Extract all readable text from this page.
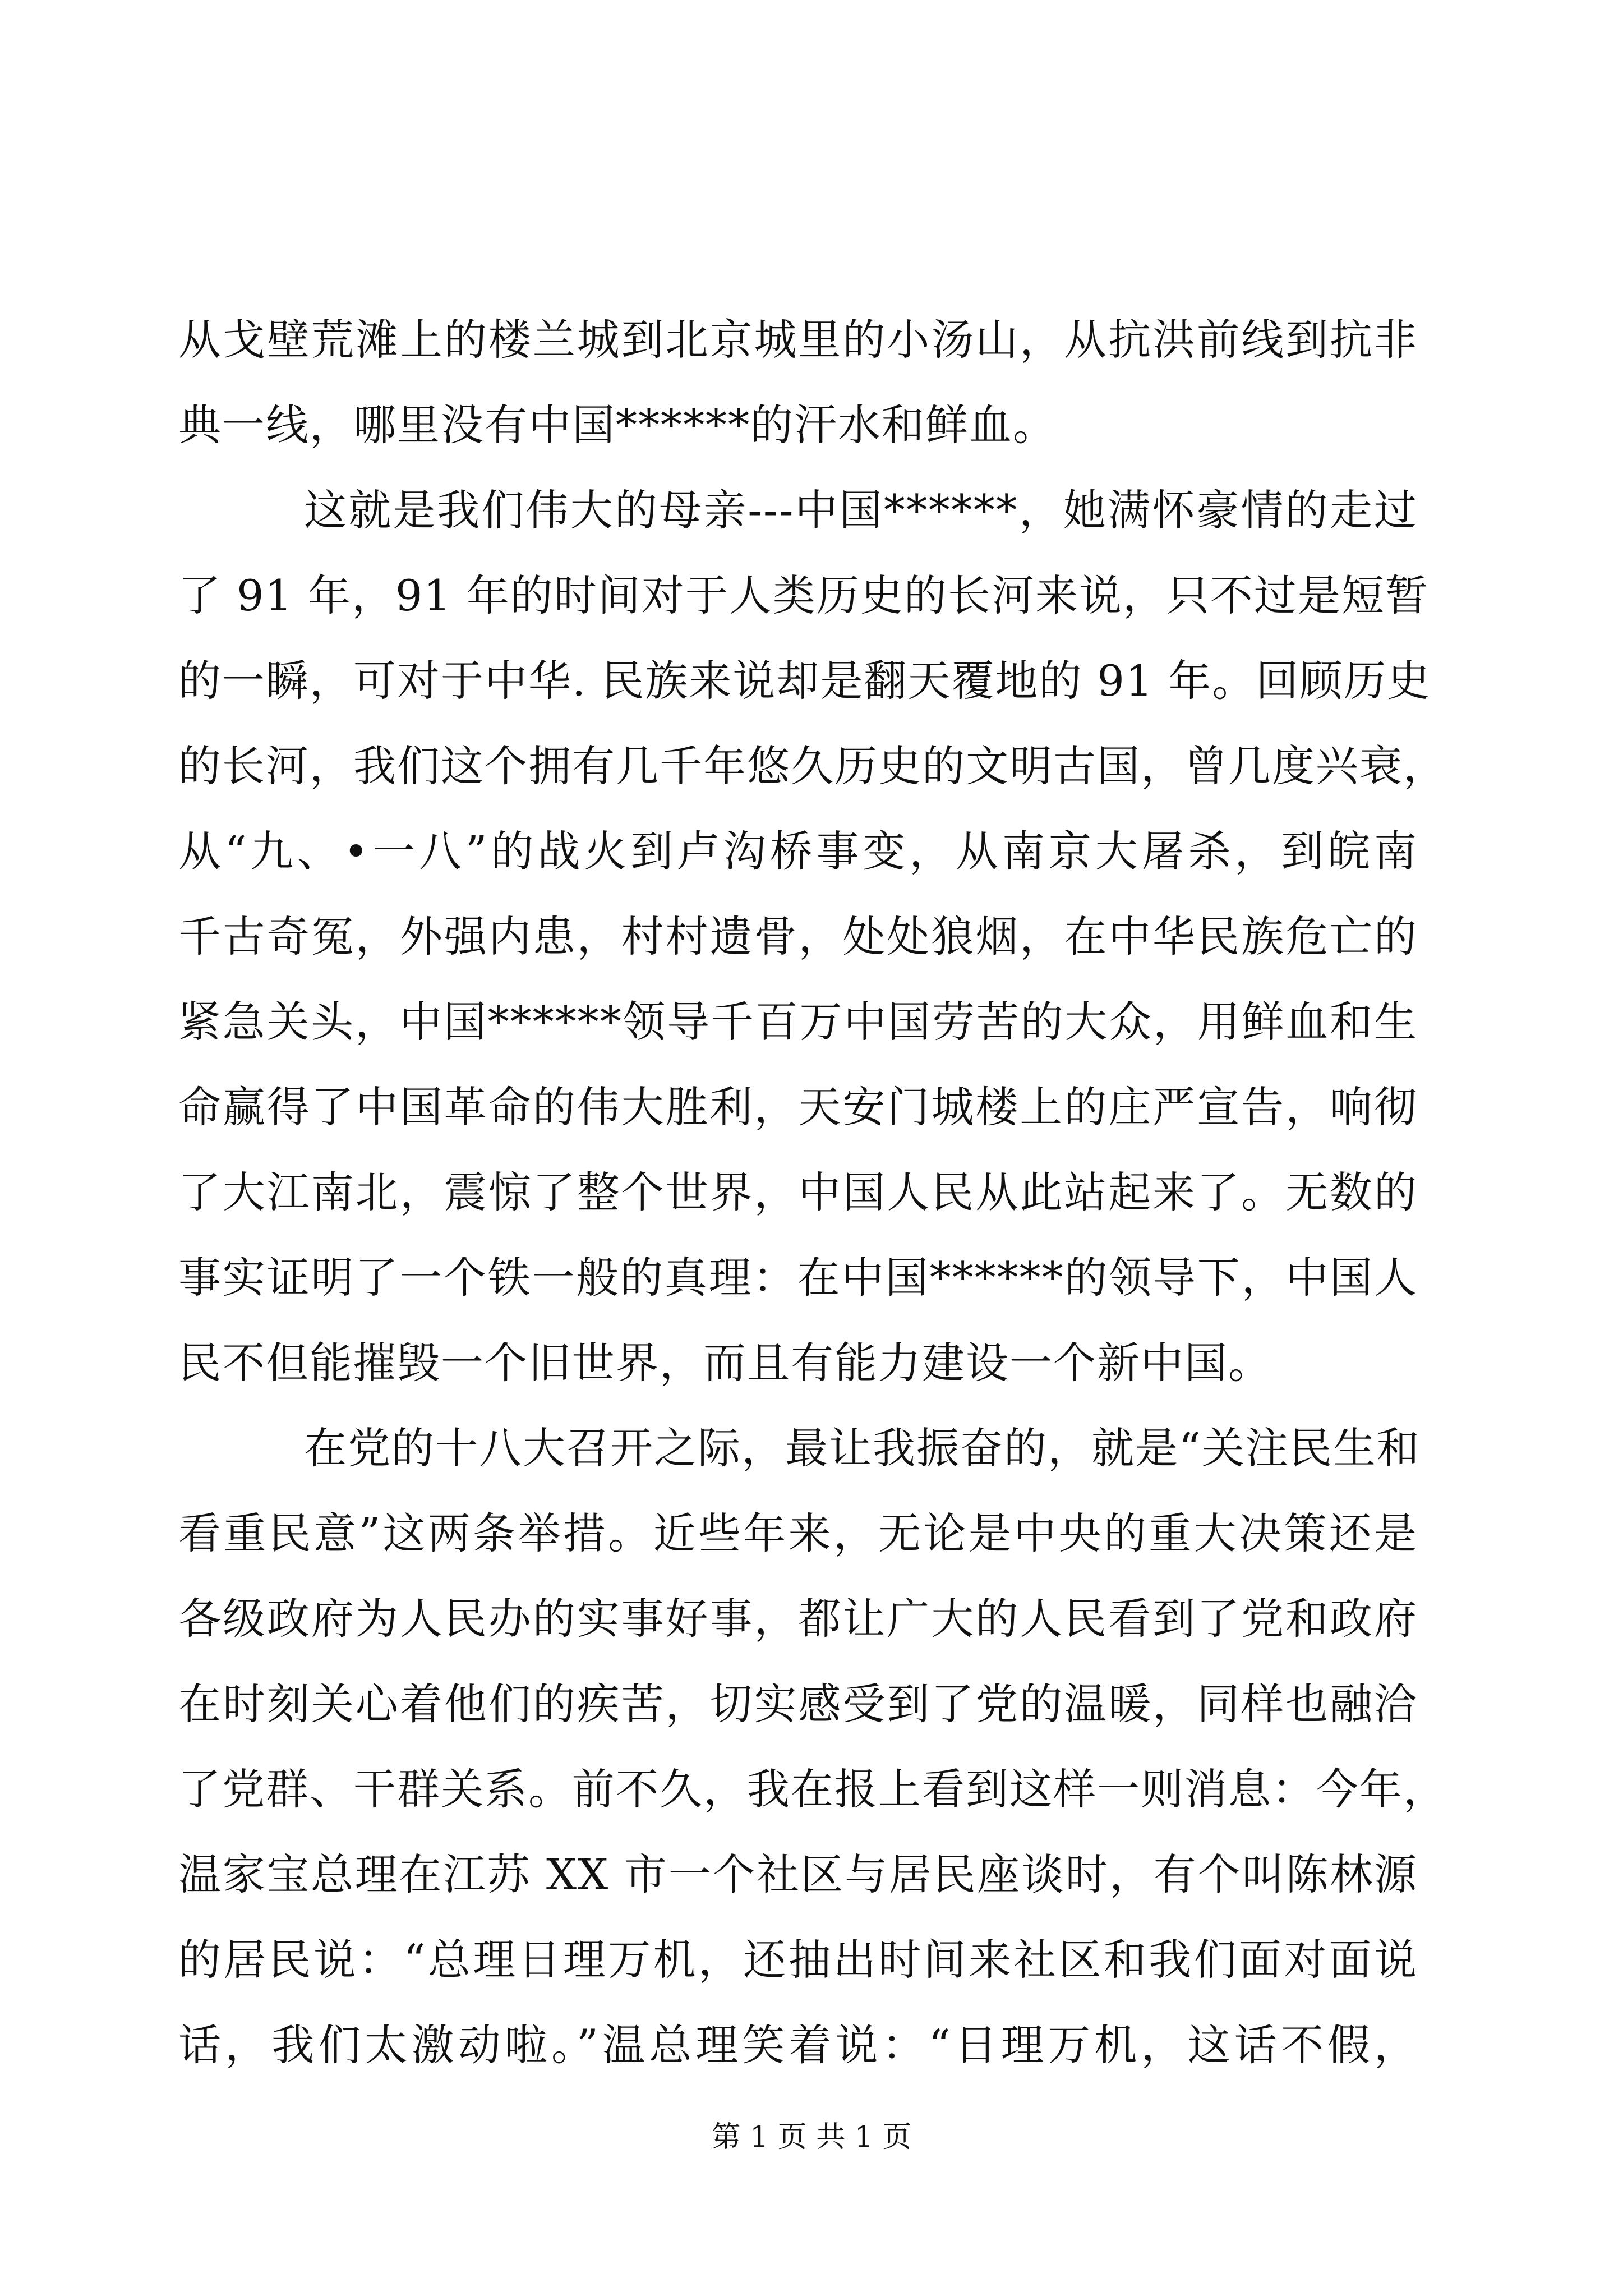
从戈壁荒滩上的楼兰城到北京城里的小汤山，从抗洪前线到抗非
典一线，哪里没有中国******的汗水和鲜血。
这就是我们伟大的母亲---中国******，她满怀豪情的走过
了 91 年，91 年的时间对于人类历史的长河来说，只不过是短暂
的一瞬，可对于中华. 民族来说却是翻天覆地的 91 年。回顾历史
的长河，我们这个拥有几千年悠久历史的文明古国，曾几度兴衰，
从“九、•一八”的战火到卢沟桥事变，从南京大屠杀，到皖南
千古奇冤，外强内患，村村遗骨，处处狼烟，在中华民族危亡的
紧急关头，中国******领导千百万中国劳苦的大众，用鲜血和生
命赢得了中国革命的伟大胜利，天安门城楼上的庄严宣告，响彻
了大江南北，震惊了整个世界，中国人民从此站起来了。无数的
事实证明了一个铁一般的真理：在中国******的领导下，中国人
民不但能摧毁一个旧世界，而且有能力建设一个新中国。
在党的十八大召开之际，最让我振奋的，就是“关注民生和
看重民意”这两条举措。近些年来，无论是中央的重大决策还是
各级政府为人民办的实事好事，都让广大的人民看到了党和政府
在时刻关心着他们的疾苦，切实感受到了党的温暖，同样也融洽
了党群、干群关系。前不久，我在报上看到这样一则消息：今年，
温家宝总理在江苏 XX 市一个社区与居民座谈时，有个叫陈林源
的居民说：“总理日理万机，还抽出时间来社区和我们面对面说
话，我们太激动啦。”温总理笑着说：“日理万机，这话不假，
第 1 页 共 1 页
